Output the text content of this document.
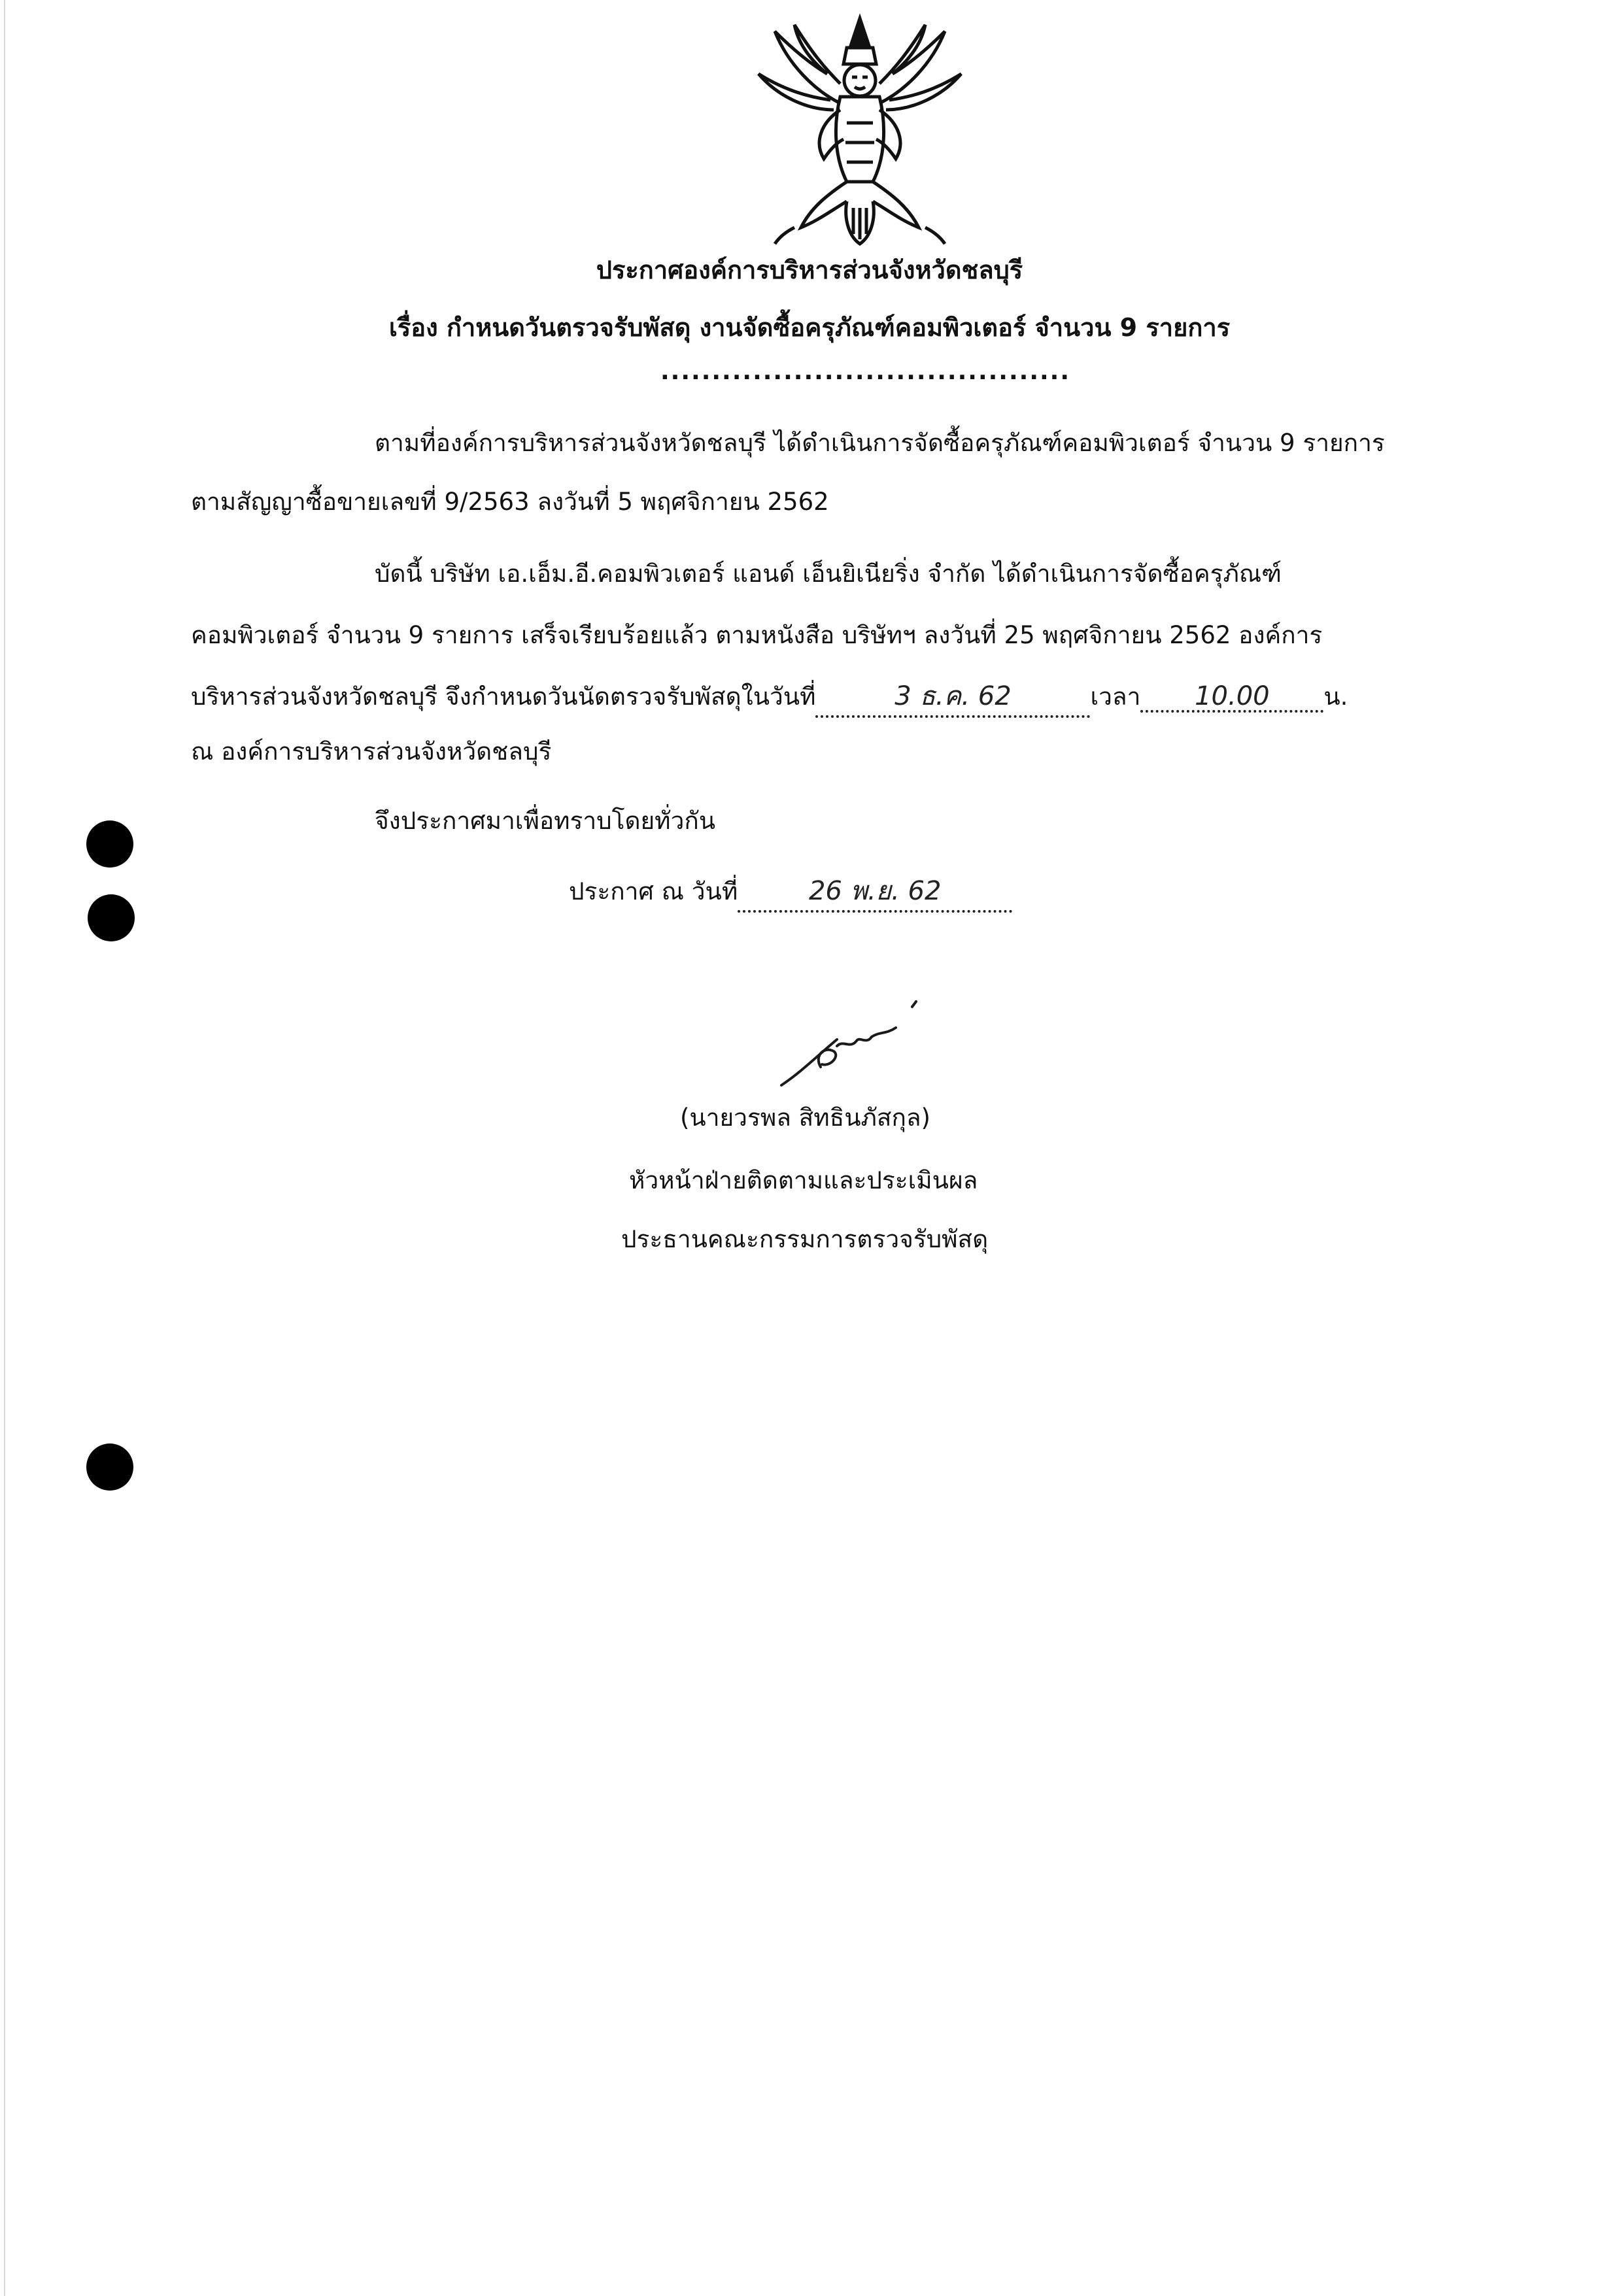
ประกาศองค์การบริหารส่วนจังหวัดชลบุรี
เรื่อง กำหนดวันตรวจรับพัสดุ งานจัดซื้อครุภัณฑ์คอมพิวเตอร์ จำนวน 9 รายการ
........................................
ตามที่องค์การบริหารส่วนจังหวัดชลบุรี ได้ดำเนินการจัดซื้อครุภัณฑ์คอมพิวเตอร์ จำนวน 9 รายการ
ตามสัญญาซื้อขายเลขที่ 9/2563 ลงวันที่ 5 พฤศจิกายน 2562
บัดนี้ บริษัท เอ.เอ็ม.อี.คอมพิวเตอร์ แอนด์ เอ็นยิเนียริ่ง จำกัด ได้ดำเนินการจัดซื้อครุภัณฑ์
คอมพิวเตอร์ จำนวน 9 รายการ เสร็จเรียบร้อยแล้ว ตามหนังสือ บริษัทฯ ลงวันที่ 25 พฤศจิกายน 2562 องค์การ
บริหารส่วนจังหวัดชลบุรี จึงกำหนดวันนัดตรวจรับพัสดุในวันที่	3 ธ.ค. 62	เวลา 10.00 น.
ณ องค์การบริหารส่วนจังหวัดชลบุรี
จึงประกาศมาเพื่อทราบโดยทั่วกัน
ประกาศ ณ วันที่	26 พ.ย. 62
(นายวรพล สิทธินภัสกุล)
หัวหน้าฝ่ายติดตามและประเมินผล
ประธานคณะกรรมการตรวจรับพัสดุ
